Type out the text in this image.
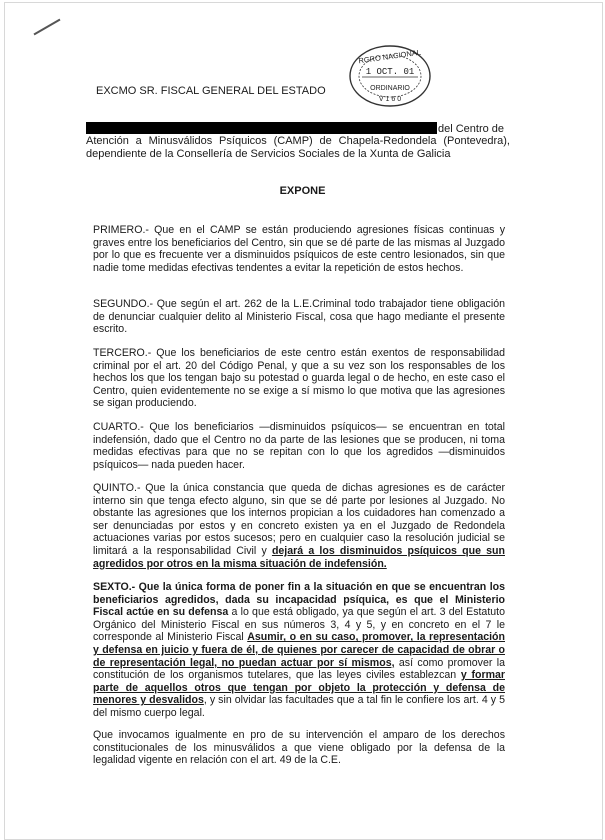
EXCMO SR. FISCAL GENERAL DEL ESTADO
RGRO NACIONAL
1 OCT. 01
ORDINARIO
V 1 6 0
del Centro de
Atención a Minusválidos Psíquicos (CAMP) de Chapela-Redondela (Pontevedra), dependiente de la Consellería de Servicios Sociales de la Xunta de Galicia
EXPONE
PRIMERO.- Que en el CAMP se están produciendo agresiones físicas continuas y graves entre los beneficiarios del Centro, sin que se dé parte de las mismas al Juzgado por lo que es frecuente ver a disminuidos psíquicos de este centro lesionados, sin que nadie tome medidas efectivas tendentes a evitar la repetición de estos hechos.
SEGUNDO.- Que según el art. 262 de la L.E.Criminal todo trabajador tiene obligación de denunciar cualquier delito al Ministerio Fiscal, cosa que hago mediante el presente escrito.
TERCERO.- Que los beneficiarios de este centro están exentos de responsabilidad criminal por el art. 20 del Código Penal, y que a su vez son los responsables de los hechos los que los tengan bajo su potestad o guarda legal o de hecho, en este caso el Centro, quien evidentemente no se exige a sí mismo lo que motiva que las agresiones se sigan produciendo.
CUARTO.- Que los beneficiarios —disminuidos psíquicos— se encuentran en total indefensión, dado que el Centro no da parte de las lesiones que se producen, ni toma medidas efectivas para que no se repitan con lo que los agredidos —disminuidos psíquicos— nada pueden hacer.
QUINTO.- Que la única constancia que queda de dichas agresiones es de carácter interno sin que tenga efecto alguno, sin que se dé parte por lesiones al Juzgado. No obstante las agresiones que los internos propician a los cuidadores han comenzado a ser denunciadas por estos y en concreto existen ya en el Juzgado de Redondela actuaciones varias por estos sucesos; pero en cualquier caso la resolución judicial se limitará a la responsabilidad Civil y dejará a los disminuidos psíquicos que sun agredidos por otros en la misma situación de indefensión.
SEXTO.- Que la única forma de poner fin a la situación en que se encuentran los beneficiarios agredidos, dada su incapacidad psíquica, es que el Ministerio Fiscal actúe en su defensa a lo que está obligado, ya que según el art. 3 del Estatuto Orgánico del Ministerio Fiscal en sus números 3, 4 y 5, y en concreto en el 7 le corresponde al Ministerio Fiscal Asumir, o en su caso, promover, la representación y defensa en juicio y fuera de él, de quienes por carecer de capacidad de obrar o de representación legal, no puedan actuar por sí mismos, así como promover la constitución de los organismos tutelares, que las leyes civiles establezcan y formar parte de aquellos otros que tengan por objeto la protección y defensa de menores y desvalidos, y sin olvidar las facultades que a tal fin le confiere los art. 4 y 5 del mismo cuerpo legal.
Que invocamos igualmente en pro de su intervención el amparo de los derechos constitucionales de los minusválidos a que viene obligado por la defensa de la legalidad vigente en relación con el art. 49 de la C.E.
